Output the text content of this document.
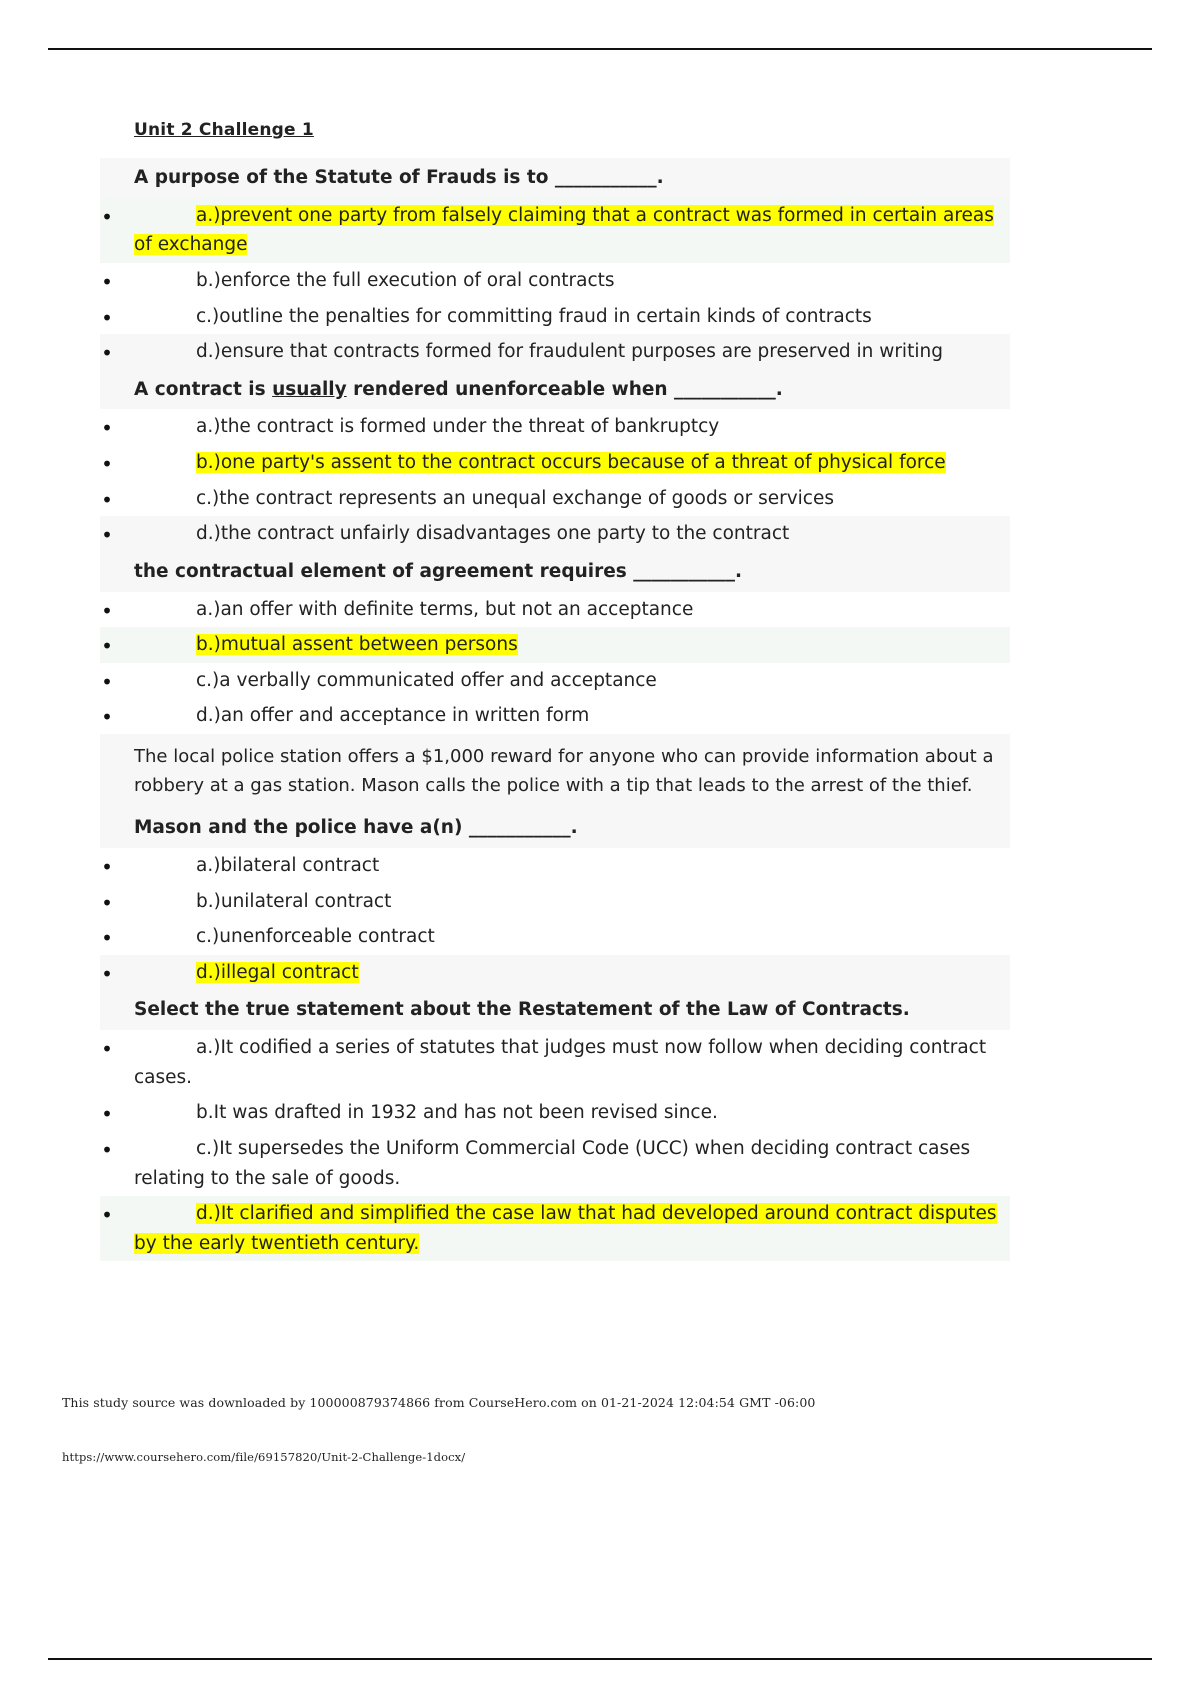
Unit 2 Challenge 1
A purpose of the Statute of Frauds is to ___________.
•	a.)prevent one party from falsely claiming that a contract was formed in certain areas of exchange
•	b.)enforce the full execution of oral contracts
•	c.)outline the penalties for committing fraud in certain kinds of contracts
•	d.)ensure that contracts formed for fraudulent purposes are preserved in writing
A contract is usually rendered unenforceable when ___________.
•	a.)the contract is formed under the threat of bankruptcy
•	b.)one party's assent to the contract occurs because of a threat of physical force
•	c.)the contract represents an unequal exchange of goods or services
•	d.)the contract unfairly disadvantages one party to the contract
the contractual element of agreement requires ___________.
•	a.)an offer with definite terms, but not an acceptance
•	b.)mutual assent between persons
•	c.)a verbally communicated offer and acceptance
•	d.)an offer and acceptance in written form
The local police station offers a $1,000 reward for anyone who can provide information about a robbery at a gas station. Mason calls the police with a tip that leads to the arrest of the thief.
Mason and the police have a(n) ___________.
•	a.)bilateral contract
•	b.)unilateral contract
•	c.)unenforceable contract
•	d.)illegal contract
Select the true statement about the Restatement of the Law of Contracts.
•	a.)It codified a series of statutes that judges must now follow when deciding contract cases.
•	b.It was drafted in 1932 and has not been revised since.
•	c.)It supersedes the Uniform Commercial Code (UCC) when deciding contract cases relating to the sale of goods.
•	d.)It clarified and simplified the case law that had developed around contract disputes by the early twentieth century.
This study source was downloaded by 100000879374866 from CourseHero.com on 01-21-2024 12:04:54 GMT -06:00
https://www.coursehero.com/file/69157820/Unit-2-Challenge-1docx/
